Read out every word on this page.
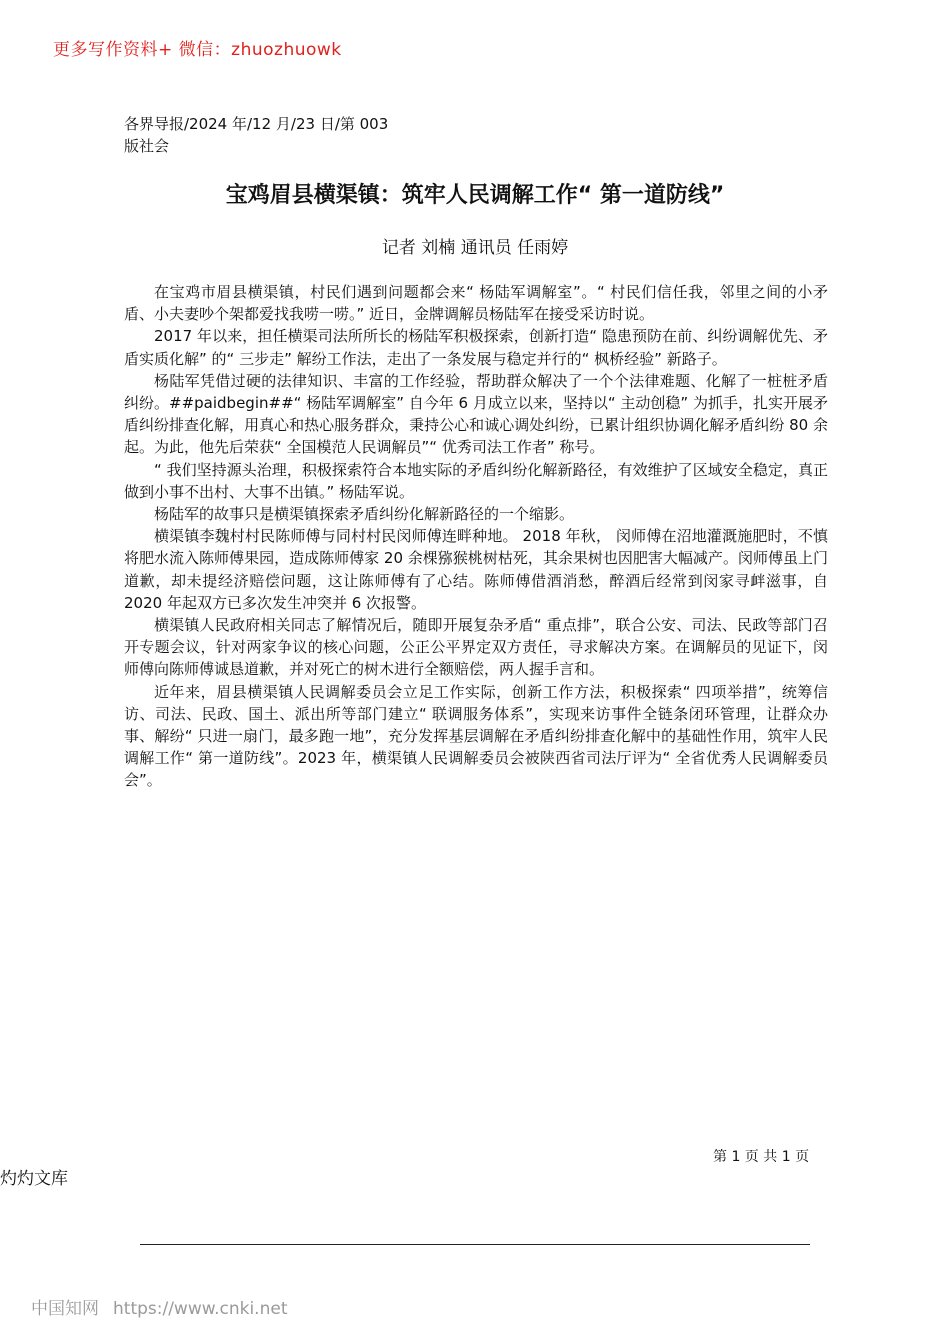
更多写作资料+ 微信：zhuozhuowk
各界导报/2024 年/12 月/23 日/第 003
版社会
宝鸡眉县横渠镇：筑牢人民调解工作“ 第一道防线”
记者 刘楠 通讯员 任雨婷

在宝鸡市眉县横渠镇，村民们遇到问题都会来“ 杨陆军调解室”。“ 村民们信任我，邻里之间的小矛盾、小夫妻吵个架都爱找我唠一唠。” 近日，金牌调解员杨陆军在接受采访时说。

2017 年以来，担任横渠司法所所长的杨陆军积极探索，创新打造“ 隐患预防在前、纠纷调解优先、矛盾实质化解” 的“ 三步走” 解纷工作法，走出了一条发展与稳定并行的“ 枫桥经验” 新路子。

杨陆军凭借过硬的法律知识、丰富的工作经验，帮助群众解决了一个个法律难题、化解了一桩桩矛盾纠纷。##paidbegin##“ 杨陆军调解室” 自今年 6 月成立以来，坚持以“ 主动创稳” 为抓手，扎实开展矛盾纠纷排查化解，用真心和热心服务群众，秉持公心和诚心调处纠纷，已累计组织协调化解矛盾纠纷 80 余起。为此，他先后荣获“ 全国模范人民调解员”“ 优秀司法工作者” 称号。

“ 我们坚持源头治理，积极探索符合本地实际的矛盾纠纷化解新路径，有效维护了区域安全稳定，真正做到小事不出村、大事不出镇。” 杨陆军说。

杨陆军的故事只是横渠镇探索矛盾纠纷化解新路径的一个缩影。

横渠镇李魏村村民陈师傅与同村村民闵师傅连畔种地。 2018 年秋， 闵师傅在沼地灌溉施肥时，不慎将肥水流入陈师傅果园，造成陈师傅家 20 余棵猕猴桃树枯死，其余果树也因肥害大幅减产。闵师傅虽上门道歉，却未提经济赔偿问题，这让陈师傅有了心结。陈师傅借酒消愁，醉酒后经常到闵家寻衅滋事，自 2020 年起双方已多次发生冲突并 6 次报警。

横渠镇人民政府相关同志了解情况后，随即开展复杂矛盾“ 重点排”，联合公安、司法、民政等部门召开专题会议，针对两家争议的核心问题，公正公平界定双方责任，寻求解决方案。在调解员的见证下，闵师傅向陈师傅诚恳道歉，并对死亡的树木进行全额赔偿，两人握手言和。

近年来，眉县横渠镇人民调解委员会立足工作实际，创新工作方法，积极探索“ 四项举措”，统筹信访、司法、民政、国土、派出所等部门建立“ 联调服务体系”，实现来访事件全链条闭环管理，让群众办事、解纷“ 只进一扇门，最多跑一地”，充分发挥基层调解在矛盾纠纷排查化解中的基础性作用，筑牢人民调解工作“ 第一道防线”。2023 年，横渠镇人民调解委员会被陕西省司法厅评为“ 全省优秀人民调解委员会”。

第 1 页 共 1 页
灼灼文库
中国知网 https://www.cnki.net
